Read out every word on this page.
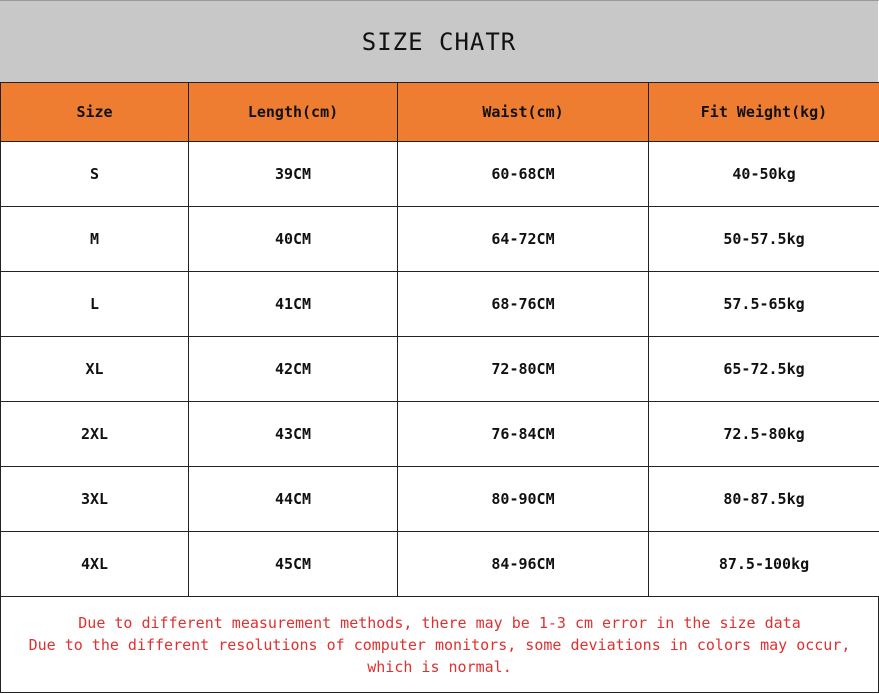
SIZE CHATR
Size	Length(cm)	Waist(cm)	Fit Weight(kg)
S	39CM	60-68CM	40-50kg
M	40CM	64-72CM	50-57.5kg
L	41CM	68-76CM	57.5-65kg
XL	42CM	72-80CM	65-72.5kg
2XL	43CM	76-84CM	72.5-80kg
3XL	44CM	80-90CM	80-87.5kg
4XL	45CM	84-96CM	87.5-100kg
Due to different measurement methods, there may be 1-3 cm error in the size data
Due to the different resolutions of computer monitors, some deviations in colors may occur,
which is normal.
